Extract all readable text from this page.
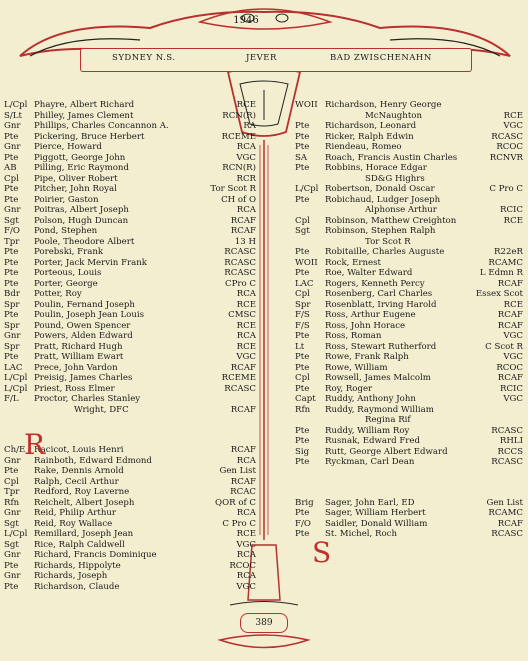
1946
SYDNEY N.S.	JEVER	BAD ZWISCHENAHN
L/Cpl Phayre, Albert Richard	RCE
S/Lt	Philley, James Clement	RCN(R)
Gnr	Phillips, Charles Concannon A.	RA
Pte	Pickering, Bruce Herbert	RCEME
Gnr	Pierce, Howard	RCA
Pte	Piggott, George John	VGC
AB	Pilling, Eric Raymond	RCN(R)
Cpl	Pipe, Oliver Robert	RCR
Pte	Pitcher, John Royal	Tor Scot R
Pte	Poirier, Gaston	CH of O
Gnr	Poitras, Albert Joseph	RCA
Sgt	Polson, Hugh Duncan	RCAF
F/O	Pond, Stephen	RCAF
Tpr	Poole, Theodore Albert	13 H
Pte	Porebski, Frank	RCASC
Pte	Porter, Jack Mervin Frank	RCASC
Pte	Porteous, Louis	RCASC
Pte	Porter, George	CPro C
Bdr	Potter, Roy	RCA
Spr	Poulin, Fernand Joseph	RCE
Pte	Poulin, Joseph Jean Louis	CMSC
Spr	Pound, Owen Spencer	RCE
Gnr	Powers, Alden Edward	RCA
Spr	Pratt, Richard Hugh	RCE
Pte	Pratt, William Ewart	VGC
LAC	Prece, John Vardon	RCAF
L/Cpl Preisig, James Charles	RCEME
L/Cpl Priest, Ross Elmer	RCASC
F/L	Proctor, Charles Stanley
Wright, DFC	RCAF
Ch/E	Racicot, Louis Henri	RCAF
Gnr	Rainboth, Edward Edmond	RCA
Pte	Rake, Dennis Arnold	Gen List
Cpl	Ralph, Cecil Arthur	RCAF
Tpr	Redford, Roy Laverne	RCAC
Rfn	Reichelt, Albert Joseph	QOR of C
Gnr	Reid, Philip Arthur	RCA
Sgt	Reid, Roy Wallace	C Pro C
L/Cpl Remillard, Joseph Jean	RCE
Sgt	Rice, Ralph Caldwell	VGC
Gnr	Richard, Francis Dominique	RCA
Pte	Richards, Hippolyte	RCOC
Gnr	Richards, Joseph	RCA
Pte	Richardson, Claude	VGC
WOII Richardson, Henry George
McNaughton	RCE
Pte	Richardson, Leonard	VGC
Pte	Ricker, Ralph Edwin	RCASC
Pte	Riendeau, Romeo	RCOC
SA	Roach, Francis Austin Charles	RCNVR
Pte	Robbins, Horace Edgar
SD&G Highrs
L/Cpl Robertson, Donald Oscar	C Pro C
Pte	Robichaud, Ludger Joseph
Alphonse Arthur	RCIC
Cpl	Robinson, Matthew Creighton	RCE
Sgt	Robinson, Stephen Ralph
Tor Scot R
Pte	Robitaille, Charles Auguste	R22eR
WOII Rock, Ernest	RCAMC
Pte	Roe, Walter Edward	L Edmn R
LAC	Rogers, Kenneth Percy	RCAF
Cpl	Rosenberg, Carl Charles	Essex Scot
Spr	Rosenblatt, Irving Harold	RCE
F/S	Ross, Arthur Eugene	RCAF
F/S	Ross, John Horace	RCAF
Pte	Ross, Roman	VGC
Lt	Ross, Stewart Rutherford	C Scot R
Pte	Rowe, Frank Ralph	VGC
Pte	Rowe, William	RCOC
Cpl	Rowsell, James Malcolm	RCAF
Pte	Roy, Roger	RCIC
Capt	Ruddy, Anthony John	VGC
Rfn	Ruddy, Raymond William
Regina Rif
Pte	Ruddy, William Roy	RCASC
Pte	Rusnak, Edward Fred	RHLI
Sig	Rutt, George Albert Edward	RCCS
Pte	Ryckman, Carl Dean	RCASC
Brig	Sager, John Earl, ED	Gen List
Pte	Sager, William Herbert	RCAMC
F/O	Saidler, Donald William	RCAF
Pte	St. Michel, Roch	RCASC
R
S
389
